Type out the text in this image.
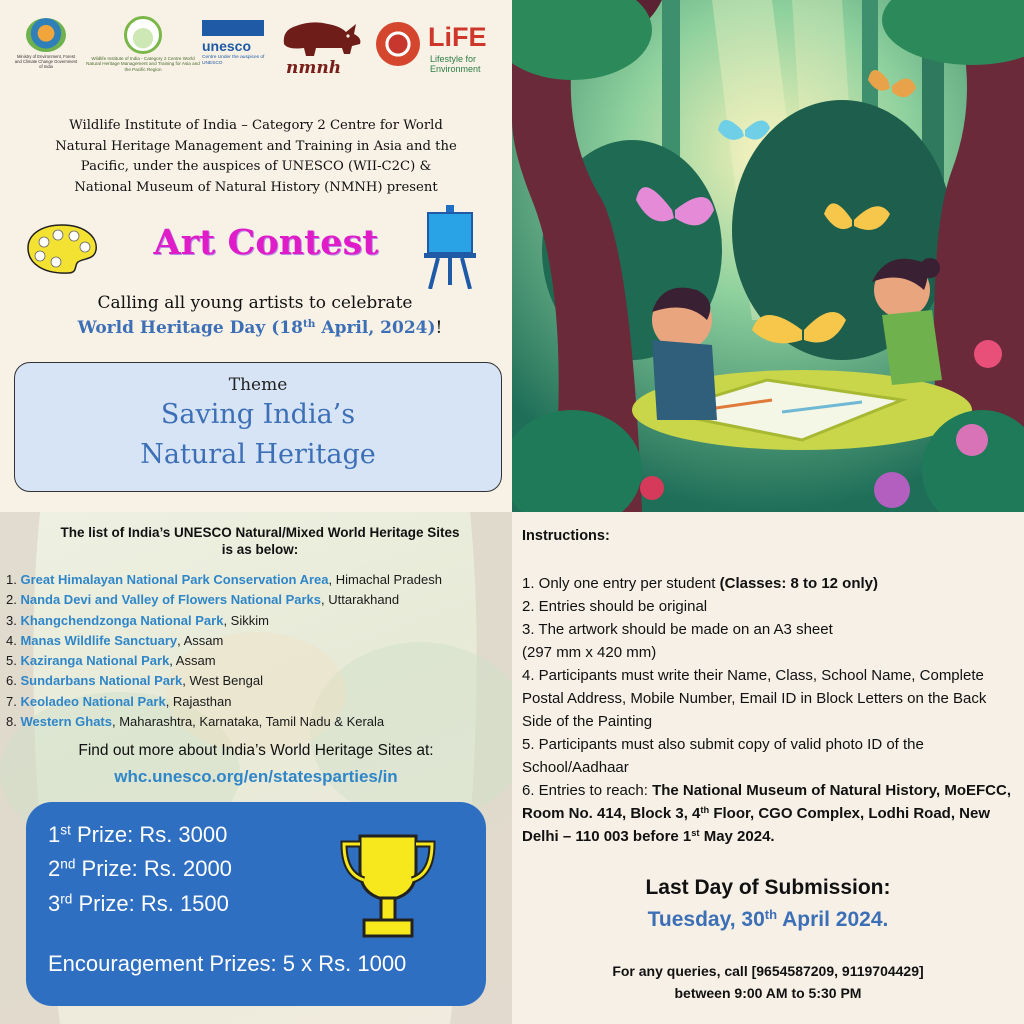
Ministry of Environment, Forest and Climate Change Government of India
Wildlife Institute of India - Category 2 Centre World Natural Heritage Management and Training for Asia and the Pacific Region
unesco
Centre Under the auspices of UNESCO	nmnh
LiFE
Lifestyle for Environment
Wildlife Institute of India – Category 2 Centre for World
Natural Heritage Management and Training in Asia and the
Pacific, under the auspices of UNESCO (WII-C2C) &
National Museum of Natural History (NMNH) present
Art Contest
Calling all young artists to celebrate
World Heritage Day (18th April, 2024)!
Theme
Saving India’s
Natural Heritage
The list of India’s UNESCO Natural/Mixed World Heritage Sites
is as below:
1. Great Himalayan National Park Conservation Area, Himachal Pradesh
2. Nanda Devi and Valley of Flowers National Parks, Uttarakhand
3. Khangchendzonga National Park, Sikkim
4. Manas Wildlife Sanctuary, Assam
5. Kaziranga National Park, Assam
6. Sundarbans National Park, West Bengal
7. Keoladeo National Park, Rajasthan
8. Western Ghats, Maharashtra, Karnataka, Tamil Nadu & Kerala
Find out more about India’s World Heritage Sites at:
whc.unesco.org/en/statesparties/in
1st Prize: Rs. 3000
2nd Prize: Rs. 2000
3rd Prize: Rs. 1500
Encouragement Prizes: 5 x Rs. 1000
Instructions:

1. Only one entry per student (Classes: 8 to 12 only)

2. Entries should be original

3. The artwork should be made on an A3 sheet

(297 mm x 420 mm)

4. Participants must write their Name, Class, School Name, Complete Postal Address, Mobile Number, Email ID in Block Letters on the Back Side of the Painting

5. Participants must also submit copy of valid photo ID of the School/Aadhaar

6. Entries to reach: The National Museum of Natural History, MoEFCC, Room No. 414, Block 3, 4th Floor, CGO Complex, Lodhi Road, New Delhi – 110 003 before 1st May 2024.

Last Day of Submission:
Tuesday, 30th April 2024.
For any queries, call [9654587209, 9119704429]
between 9:00 AM to 5:30 PM
